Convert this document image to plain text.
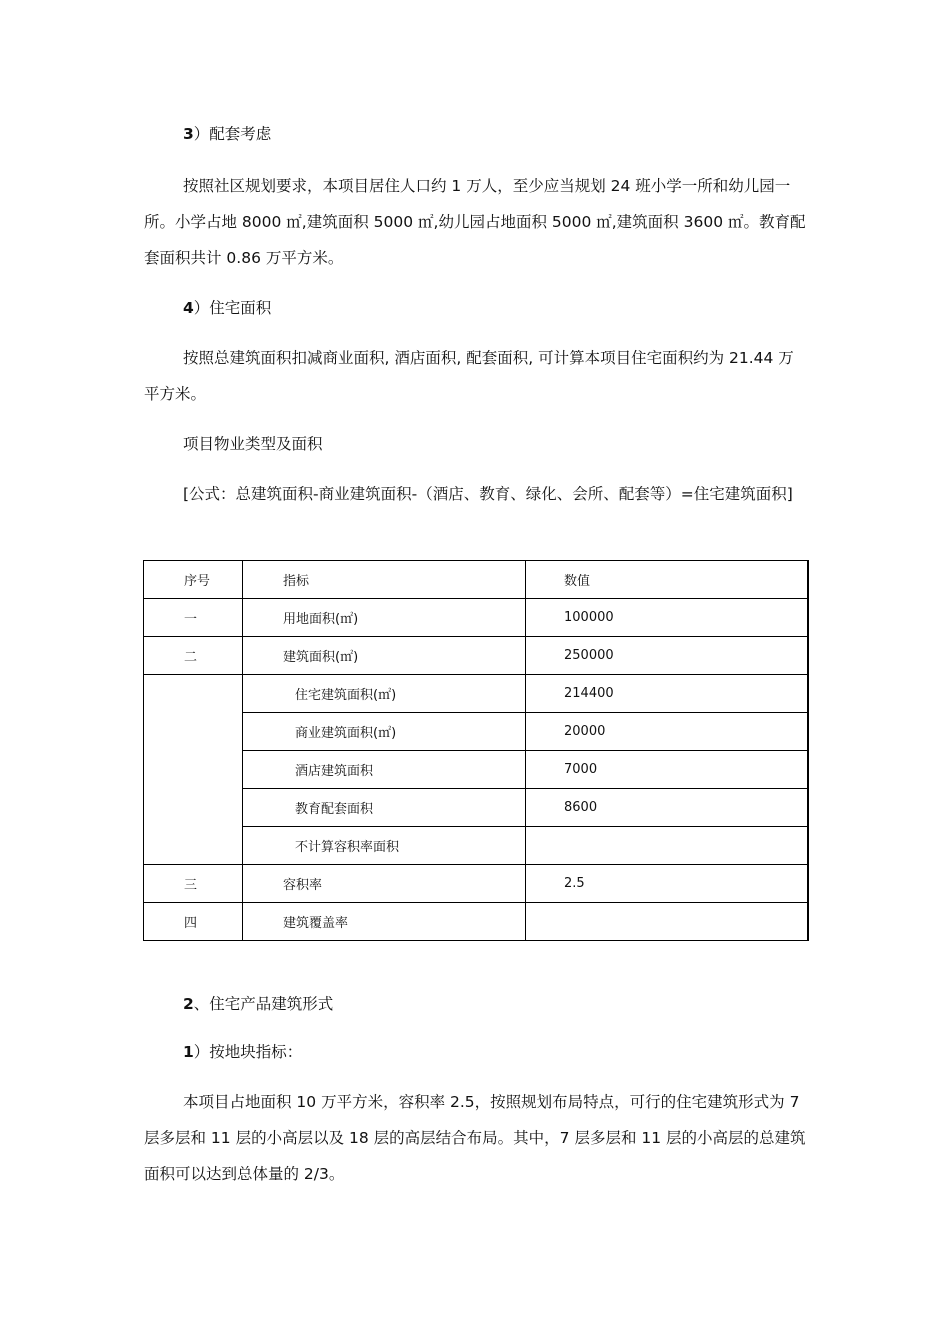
3）配套考虑

按照社区规划要求，本项目居住人口约 1 万人，至少应当规划 24 班小学一所和幼儿园一所。小学占地 8000 ㎡,建筑面积 5000 ㎡,幼儿园占地面积 5000 ㎡,建筑面积 3600 ㎡。教育配套面积共计 0.86 万平方米。

4）住宅面积

按照总建筑面积扣减商业面积, 酒店面积, 配套面积, 可计算本项目住宅面积约为 21.44 万平方米。

项目物业类型及面积

[公式：总建筑面积-商业建筑面积-（酒店、教育、绿化、会所、配套等）=住宅建筑面积]

序号	指标	数值
一	用地面积(㎡)	100000
二	建筑面积(㎡)	250000
	住宅建筑面积(㎡)	214400
	商业建筑面积(㎡)	20000
	酒店建筑面积	7000
	教育配套面积	8600
	不计算容积率面积	
三	容积率	2.5
四	建筑覆盖率	

2、住宅产品建筑形式

1）按地块指标：

本项目占地面积 10 万平方米，容积率 2.5，按照规划布局特点，可行的住宅建筑形式为 7 层多层和 11 层的小高层以及 18 层的高层结合布局。其中，7 层多层和 11 层的小高层的总建筑面积可以达到总体量的 2/3。
